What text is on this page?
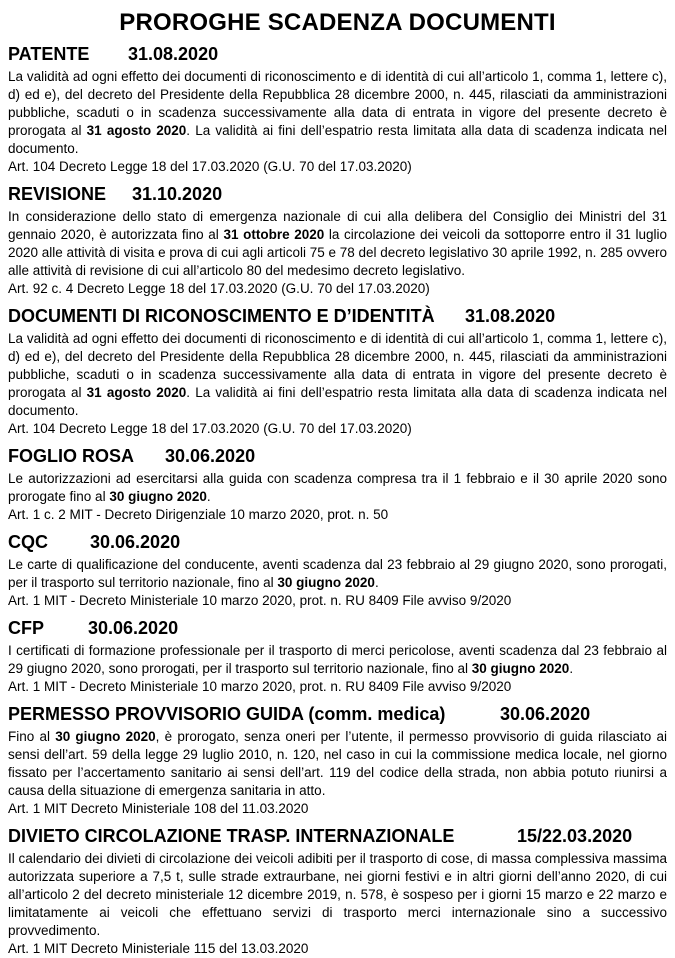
PROROGHE SCADENZA DOCUMENTI
PATENTE 31.08.2020

La validità ad ogni effetto dei documenti di riconoscimento e di identità di cui all’articolo 1, comma 1, lettere c), d) ed e), del decreto del Presidente della Repubblica 28 dicembre 2000, n. 445, rilasciati da amministrazioni pubbliche, scaduti o in scadenza successivamente alla data di entrata in vigore del presente decreto è prorogata al 31 agosto 2020. La validità ai fini dell’espatrio resta limitata alla data di scadenza indicata nel documento.

Art. 104 Decreto Legge 18 del 17.03.2020 (G.U. 70 del 17.03.2020)

REVISIONE 31.10.2020

In considerazione dello stato di emergenza nazionale di cui alla delibera del Consiglio dei Ministri del 31 gennaio 2020, è autorizzata fino al 31 ottobre 2020 la circolazione dei veicoli da sottoporre entro il 31 luglio 2020 alle attività di visita e prova di cui agli articoli 75 e 78 del decreto legislativo 30 aprile 1992, n. 285 ovvero alle attività di revisione di cui all’articolo 80 del medesimo decreto legislativo.

Art. 92 c. 4 Decreto Legge 18 del 17.03.2020 (G.U. 70 del 17.03.2020)

DOCUMENTI DI RICONOSCIMENTO E D’IDENTITÀ 31.08.2020

La validità ad ogni effetto dei documenti di riconoscimento e di identità di cui all’articolo 1, comma 1, lettere c), d) ed e), del decreto del Presidente della Repubblica 28 dicembre 2000, n. 445, rilasciati da amministrazioni pubbliche, scaduti o in scadenza successivamente alla data di entrata in vigore del presente decreto è prorogata al 31 agosto 2020. La validità ai fini dell’espatrio resta limitata alla data di scadenza indicata nel documento.

Art. 104 Decreto Legge 18 del 17.03.2020 (G.U. 70 del 17.03.2020)

FOGLIO ROSA 30.06.2020

Le autorizzazioni ad esercitarsi alla guida con scadenza compresa tra il 1 febbraio e il 30 aprile 2020 sono prorogate fino al 30 giugno 2020.

Art. 1 c. 2 MIT - Decreto Dirigenziale 10 marzo 2020, prot. n. 50

CQC 30.06.2020

Le carte di qualificazione del conducente, aventi scadenza dal 23 febbraio al 29 giugno 2020, sono prorogati, per il trasporto sul territorio nazionale, fino al 30 giugno 2020.

Art. 1 MIT - Decreto Ministeriale 10 marzo 2020, prot. n. RU 8409 File avviso 9/2020

CFP 30.06.2020

I certificati di formazione professionale per il trasporto di merci pericolose, aventi scadenza dal 23 febbraio al 29 giugno 2020, sono prorogati, per il trasporto sul territorio nazionale, fino al 30 giugno 2020.

Art. 1 MIT - Decreto Ministeriale 10 marzo 2020, prot. n. RU 8409 File avviso 9/2020

PERMESSO PROVVISORIO GUIDA (comm. medica)	30.06.2020

Fino al 30 giugno 2020, è prorogato, senza oneri per l’utente, il permesso provvisorio di guida rilasciato ai sensi dell’art. 59 della legge 29 luglio 2010, n. 120, nel caso in cui la commissione medica locale, nel giorno fissato per l’accertamento sanitario ai sensi dell’art. 119 del codice della strada, non abbia potuto riunirsi a causa della situazione di emergenza sanitaria in atto.

Art. 1 MIT Decreto Ministeriale 108 del 11.03.2020

DIVIETO CIRCOLAZIONE TRASP. INTERNAZIONALE	15/22.03.2020

Il calendario dei divieti di circolazione dei veicoli adibiti per il trasporto di cose, di massa complessiva massima autorizzata superiore a 7,5 t, sulle strade extraurbane, nei giorni festivi e in altri giorni dell’anno 2020, di cui all’articolo 2 del decreto ministeriale 12 dicembre 2019, n. 578, è sospeso per i giorni 15 marzo e 22 marzo e limitatamente ai veicoli che effettuano servizi di trasporto merci internazionale sino a successivo provvedimento.

Art. 1 MIT Decreto Ministeriale 115 del 13.03.2020
